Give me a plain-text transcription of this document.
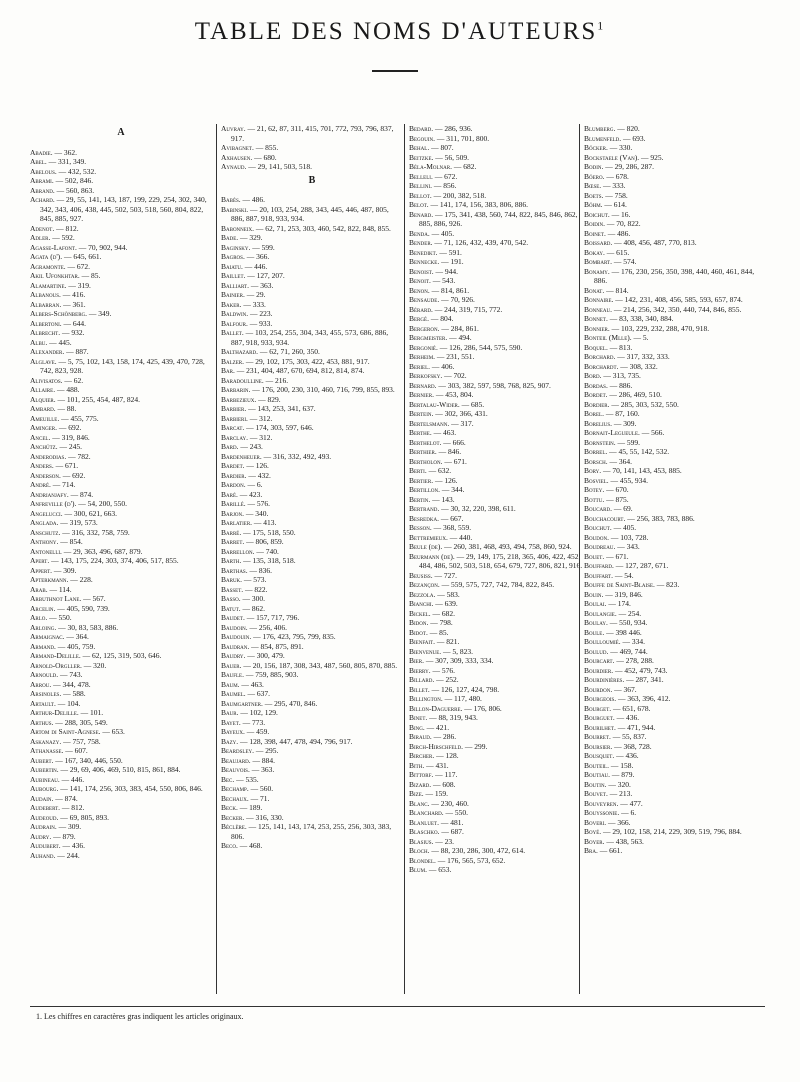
TABLE DES NOMS D'AUTEURS$^1$
A

Abadie. — 362.

Abel. — 331, 349.

Abelous. — 432, 532.

Abrami. — 502, 846.

Abrand. — 560, 863.

Achard. — 29, 55, 141, 143, 187, 199, 229, 254, 302, 340, 342, 343, 406, 438, 445, 502, 503, 518, 560, 804, 822, 845, 885, 927.

Adenot. — 812.

Adler. — 592.

Agasse-Lafont. — 70, 902, 944.

Agata (d'). — 645, 661.

Agramonte. — 672.

Akil Ufonkhtar. — 85.

Alamartine. — 319.

Albanous. — 416.

Albarran. — 361.

Albers-Schönberg. — 349.

Albertoni. — 644.

Albrecht. — 932.

Albu. — 445.

Alexander. — 887.

Alglave. — 5, 75, 102, 143, 158, 174, 425, 439, 470, 728, 742, 823, 928.

Alivisatos. — 62.

Allaire. — 488.

Alquier. — 101, 255, 454, 487, 824.

Ambard. — 88.

Ameuille. — 455, 775.

Aminger. — 692.

Ancel. — 319, 846.

Anchütz. — 245.

Anderodias. — 782.

Anders. — 671.

Anderson. — 692.

André. — 714.

Andrianjafy. — 874.

Anfreville (d'). — 54, 200, 550.

Angelucci. — 300, 621, 663.

Anglada. — 319, 573.

Anschutz. — 316, 332, 758, 759.

Anthony. — 854.

Antonelli. — 29, 363, 496, 687, 879.

Apert. — 143, 175, 224, 303, 374, 406, 517, 855.

Appert. — 309.

Apterkmann. — 228.

Arab. — 114.

Arbuthnot Lane. — 567.

Arcelin. — 405, 590, 739.

Arlo. — 550.

Arloing. — 30, 83, 583, 886.

Armaignac. — 364.

Armand. — 405, 759.

Armand-Delille. — 62, 125, 319, 503, 646.

Arnold-Orgller. — 320.

Arnould. — 743.

Arrou. — 344, 478.

Arsinoles. — 588.

Artault. — 104.

Arthur-Delille. — 101.

Arthus. — 288, 305, 549.

Artom di Saint-Agnese. — 653.

Askanazy. — 757, 758.

Athanasse. — 607.

Aubert. — 167, 340, 446, 550.

Aubertin. — 29, 69, 406, 469, 510, 815, 861, 884.

Aubineau. — 446.

Aubourg. — 141, 174, 256, 303, 383, 454, 550, 806, 846.

Audain. — 874.

Audebert. — 812.

Audeoud. — 69, 805, 893.

Audrain. — 309.

Audry. — 879.

Audubert. — 436.

Auhand. — 244.

Auvray. — 21, 62, 87, 311, 415, 701, 772, 793, 796, 837, 917.

Avibagnet. — 855.

Axhausen. — 680.

Aynaud. — 29, 141, 503, 518.

B

Babès. — 486.

Babinski. — 20, 103, 254, 288, 343, 445, 446, 487, 805, 886, 887, 918, 933, 934.

Babonneix. — 62, 71, 253, 303, 460, 542, 822, 848, 855.

Bade. — 329.

Baginsky. — 599.

Bagros. — 366.

Baiatu. — 446.

Baillet. — 127, 207.

Balliart. — 363.

Bainier. — 29.

Baker. — 333.

Baldwin. — 223.

Balfour. — 933.

Ballet. — 103, 254, 255, 304, 343, 455, 573, 686, 886, 887, 918, 933, 934.

Balthazard. — 62, 71, 260, 350.

Balzer. — 29, 102, 175, 303, 422, 453, 881, 917.

Bar. — 231, 404, 487, 670, 694, 812, 814, 874.

Baradoulline. — 216.

Barbarin. — 176, 200, 230, 310, 460, 716, 799, 855, 893.

Barbezieux. — 829.

Barbier. — 143, 253, 341, 637.

Barbieri. — 312.

Barcat. — 174, 303, 597, 646.

Barclay. — 312.

Bard. — 243.

Bardenheuer. — 316, 332, 492, 493.

Bardet. — 126.

Bardier. — 432.

Bardon. — 6.

Baré. — 423.

Barillé. — 576.

Barjon. — 340.

Barlatier. — 413.

Barré. — 175, 518, 550.

Barret. — 806, 859.

Barrellon. — 740.

Barth. — 135, 318, 518.

Barthas. — 836.

Baruk. — 573.

Basset. — 822.

Basso. — 300.

Batut. — 862.

Baudet. — 157, 717, 796.

Baudoin. — 256, 406.

Baudouin. — 176, 423, 795, 799, 835.

Baudran. — 854, 875, 891.

Baudry. — 300, 479.

Bauer. — 20, 156, 187, 308, 343, 487, 560, 805, 870, 885.

Baufle. — 759, 885, 903.

Baum. — 463.

Baumel. — 637.

Baumgartner. — 295, 470, 846.

Baur. — 102, 129.

Bayet. — 773.

Bayeux. — 459.

Bazy. — 128, 398, 447, 478, 494, 796, 917.

Beardsley. — 295.

Beaujard. — 884.

Beauvois. — 363.

Bec. — 535.

Bechamp. — 560.

Bechaux. — 71.

Beck. — 189.

Becker. — 316, 330.

Béclère. — 125, 141, 143, 174, 253, 255, 256, 303, 383, 806.

Beco. — 468.

Bedard. — 286, 936.

Begouin. — 311, 701, 800.

Behal. — 807.

Beitzke. — 56, 509.

Béla-Molnar. — 682.

Belleli. — 672.

Bellini. — 856.

Bellot. — 200, 382, 518.

Belot. — 141, 174, 156, 383, 806, 886.

Benard. — 175, 341, 438, 560, 744, 822, 845, 846, 862, 885, 886, 926.

Benda. — 405.

Bender. — 71, 126, 432, 439, 470, 542.

Benedikt. — 591.

Bennecke. — 191.

Benoist. — 944.

Benoit. — 543.

Benon. — 814, 861.

Bensaude. — 70, 926.

Bérard. — 244, 319, 715, 772.

Bergé. — 804.

Bergeron. — 284, 861.

Bergmeister. — 494.

Bergonié. — 126, 286, 544, 575, 590.

Berheim. — 231, 551.

Beriel. — 406.

Berkofsky. — 702.

Bernard. — 303, 382, 597, 598, 768, 825, 907.

Bernier. — 453, 804.

Bertalau-Wider. — 685.

Bertein. — 302, 366, 431.

Bertelsmann. — 317.

Berthe. — 463.

Berthelot. — 666.

Berthier. — 846.

Bertholon. — 671.

Berti. — 632.

Bertier. — 126.

Bertillon. — 344.

Bertin. — 143.

Bertrand. — 30, 32, 220, 398, 611.

Besredka. — 667.

Besson. — 368, 559.

Bettremieux. — 440.

Beule (de). — 260, 381, 468, 493, 494, 758, 860, 924.

Beurmann (de). — 29, 149, 175, 218, 365, 406, 422, 452, 484, 486, 502, 503, 518, 654, 679, 727, 806, 821, 916.

Beusiss. — 727.

Bezançon. — 559, 575, 727, 742, 784, 822, 845.

Bezzola. — 583.

Bianchi. — 639.

Bickel. — 682.

Bidon. — 798.

Bidot. — 85.

Bienfait. — 821.

Bienvenue. — 5, 823.

Bier. — 307, 309, 333, 334.

Bierry. — 576.

Billard. — 252.

Billet. — 126, 127, 424, 798.

Billington. — 117, 480.

Billon-Daguerre. — 176, 806.

Binet. — 88, 319, 943.

Bing. — 421.

Biraud. — 286.

Birch-Hirschfeld. — 299.

Bircher. — 128.

Bith. — 431.

Bittorf. — 117.

Bizard. — 608.

Bize. — 159.

Blanc. — 230, 460.

Blanchard. — 550.

Blanluet. — 481.

Blaschko. — 687.

Blasius. — 23.

Bloch. — 88, 230, 286, 300, 472, 614.

Blondel. — 176, 565, 573, 652.

Blum. — 653.

Blumberg. — 820.

Blumenfeld. — 693.

Böcker. — 330.

Bockstaele (Van). — 925.

Bodin. — 29, 286, 287.

Böero. — 678.

Bœse. — 333.

Boets. — 758.

Böhm. — 614.

Boichut. — 16.

Boidin. — 70, 822.

Boinet. — 486.

Boissard. — 408, 456, 487, 770, 813.

Bokay. — 615.

Bombart. — 574.

Bonamy. — 176, 230, 256, 350, 398, 440, 460, 461, 844, 886.

Bonat. — 814.

Bonnaire. — 142, 231, 408, 456, 585, 593, 657, 874.

Bonneau. — 214, 256, 342, 350, 440, 744, 846, 855.

Bonnet. — 83, 338, 340, 884.

Bonnier. — 103, 229, 232, 288, 470, 918.

Bonteil (Mlle). — 5.

Boquel. — 813.

Borchard. — 317, 332, 333.

Borchardt. — 308, 332.

Bord. — 313, 735.

Bordas. — 886.

Bordet. — 286, 469, 510.

Bordier. — 285, 303, 532, 550.

Borel. — 87, 160.

Borelius. — 309.

Bornait-Legueule. — 566.

Bornstein. — 599.

Borrel. — 45, 55, 142, 532.

Borsch. — 364.

Bory. — 70, 141, 143, 453, 885.

Bosviel. — 455, 934.

Botey. — 670.

Bottu. — 875.

Boucard. — 69.

Bouchacourt. — 256, 383, 783, 886.

Bouchut. — 405.

Boudon. — 103, 728.

Boudreau. — 343.

Bouet. — 671.

Bouffard. — 127, 287, 671.

Bouffart. — 54.

Bouffe de Saint-Blaise. — 823.

Bouin. — 319, 846.

Boulai. — 174.

Boulangie. — 254.

Boulay. — 550, 934.

Boule. — 398 446.

Boulloumié. — 334.

Boulud. — 469, 744.

Bourcart. — 278, 288.

Bourdier. — 452, 479, 743.

Bourdinières. — 287, 341.

Bourdon. — 367.

Bourgeois. — 363, 396, 412.

Bourget. — 651, 678.

Bourguet. — 436.

Bourilhet. — 471, 944.

Bourret. — 55, 837.

Boursier. — 368, 728.

Bousquet. — 436.

Bouteil. — 158.

Boutiau. — 879.

Boutin. — 320.

Bouvet. — 213.

Bouveyren. — 477.

Bouyssonie. — 6.

Boveri. — 366.

Boyé. — 29, 102, 158, 214, 229, 309, 519, 796, 884.

Boyer. — 438, 563.

Bra. — 661.

1. Les chiffres en caractères gras indiquent les articles originaux.
